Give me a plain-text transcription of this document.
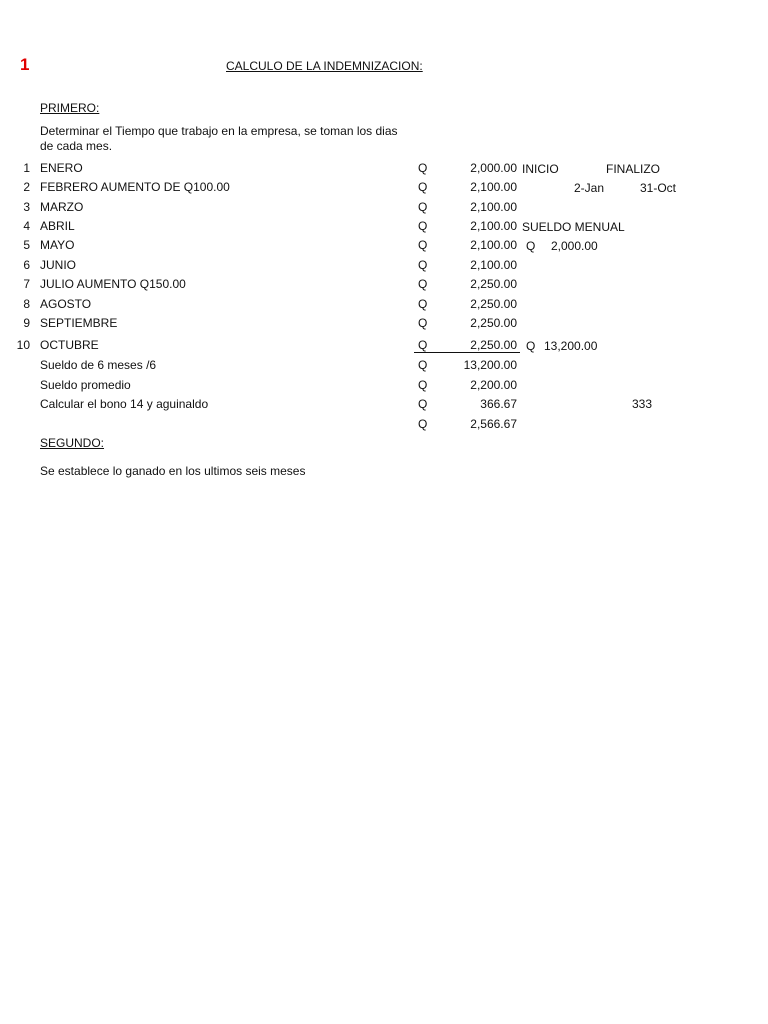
1	CALCULO DE LA INDEMNIZACION:
PRIMERO:
Determinar el Tiempo que trabajo en la empresa, se toman los dias de cada mes.
1 ENERO	Q	2,000.00
2 FEBRERO AUMENTO DE Q100.00	Q	2,100.00
3 MARZO	Q	2,100.00
4 ABRIL	Q	2,100.00
5 MAYO	Q	2,100.00
6 JUNIO	Q	2,100.00
7 JULIO AUMENTO Q150.00	Q	2,250.00
8 AGOSTO	Q	2,250.00
9 SEPTIEMBRE	Q	2,250.00
10 OCTUBRE	Q	2,250.00
Sueldo de 6 meses /6	Q	13,200.00
Sueldo promedio	Q	2,200.00
Calcular el bono 14 y aguinaldo	Q	366.67
Q	2,566.67
INICIO	FINALIZO
2-Jan	31-Oct
SUELDO MENUAL
Q 2,000.00
Q 13,200.00
333
SEGUNDO:
Se establece lo ganado en los ultimos seis meses
